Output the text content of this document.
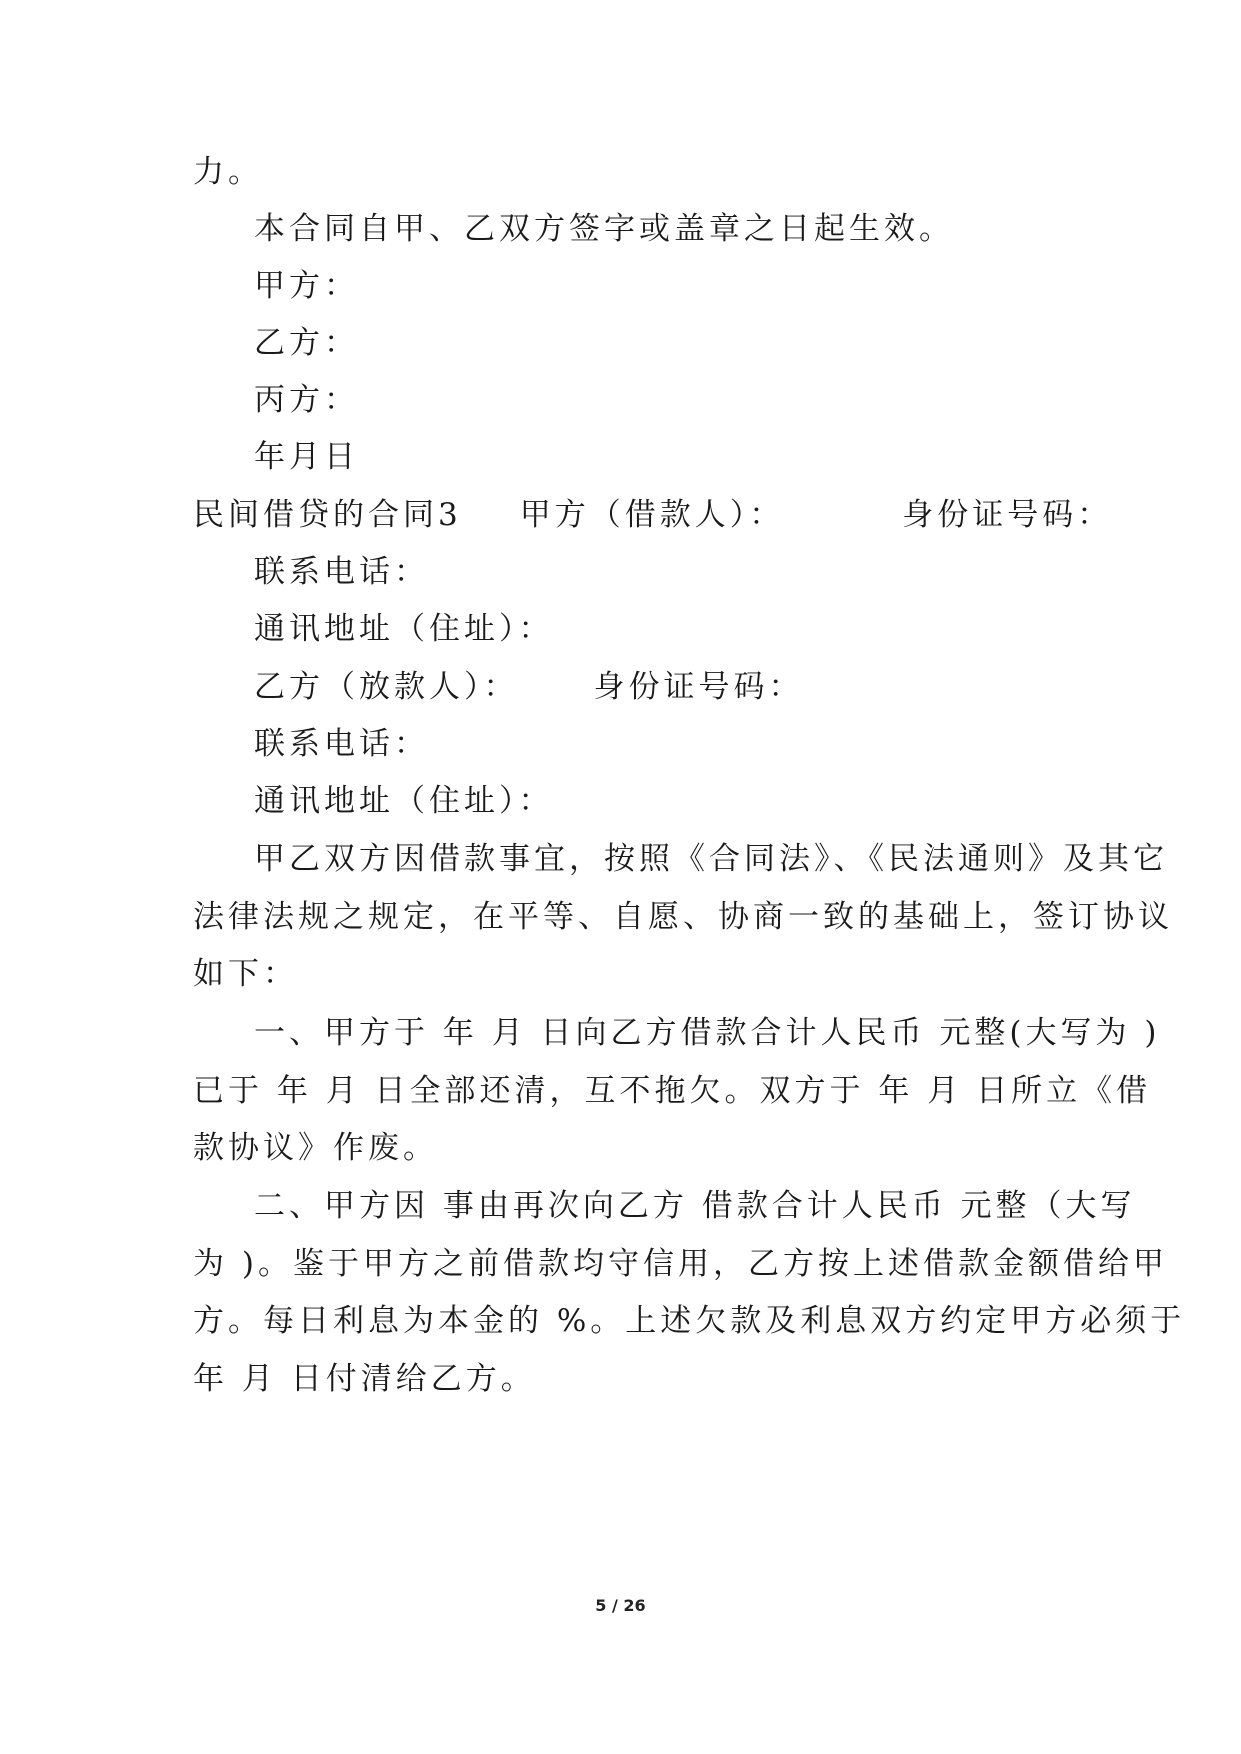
力。
本合同自甲、乙双方签字或盖章之日起生效。
甲方：
乙方：
丙方：
年月日
民间借贷的合同3 甲方（借款人）：	身份证号码：
联系电话：
通讯地址（住址）：
乙方（放款人）： 身份证号码：
联系电话：
通讯地址（住址）：
甲乙双方因借款事宜，按照《合同法》、《民法通则》及其它
法律法规之规定，在平等、自愿、协商一致的基础上，签订协议
如下：
一、甲方于 年 月 日向乙方借款合计人民币 元整(大写为 )
已于 年 月 日全部还清，互不拖欠。双方于 年 月 日所立《借
款协议》作废。
二、甲方因 事由再次向乙方 借款合计人民币 元整（大写
为 )。鉴于甲方之前借款均守信用，乙方按上述借款金额借给甲
方。每日利息为本金的 %。上述欠款及利息双方约定甲方必须于
年 月 日付清给乙方。
5 / 26
